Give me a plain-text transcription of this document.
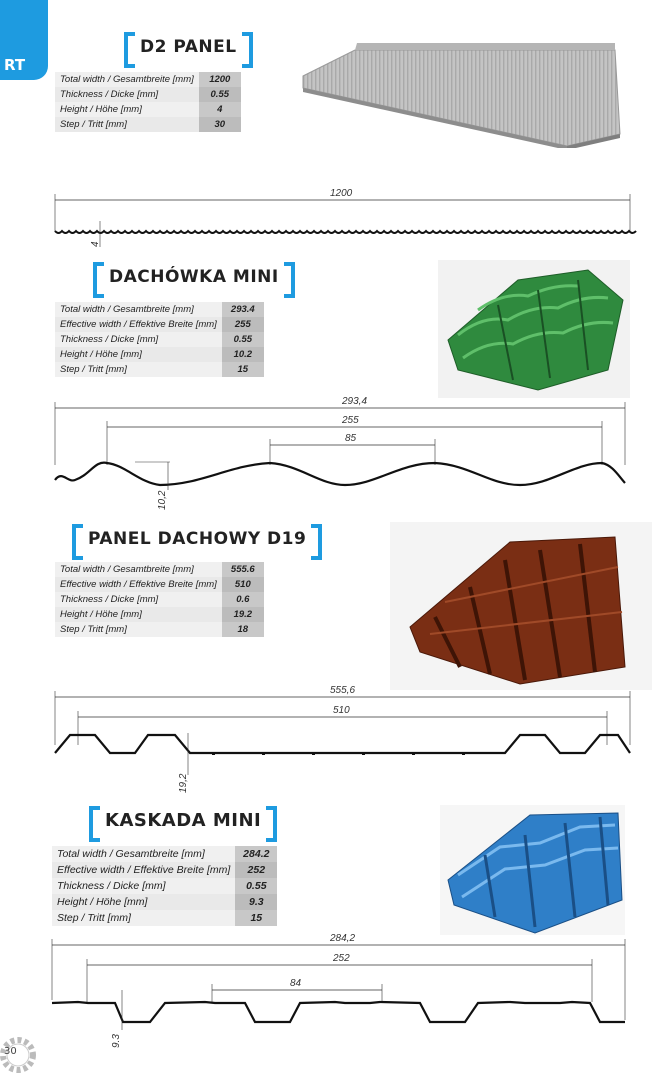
RT
D2 PANEL
Total width / Gesamtbreite [mm]	1200
Thickness / Dicke [mm]	0.55
Height / Höhe [mm]	4
Step / Tritt [mm]	30
1200
4
DACHÓWKA MINI
Total width / Gesamtbreite [mm]	293.4
Effective width / Effektive Breite [mm]	255
Thickness / Dicke [mm]	0.55
Height / Höhe [mm]	10.2
Step / Tritt [mm]	15
293,4
255
85
10,2
PANEL DACHOWY D19
Total width / Gesamtbreite [mm]	555.6
Effective width / Effektive Breite [mm]	510
Thickness / Dicke [mm]	0.6
Height / Höhe [mm]	19.2
Step / Tritt [mm]	18
555,6
510
19,2
KASKADA MINI
Total width / Gesamtbreite [mm]	284.2
Effective width / Effektive Breite [mm]	252
Thickness / Dicke [mm]	0.55
Height / Höhe [mm]	9.3
Step / Tritt [mm]	15
284,2
252
84
9.3
30
